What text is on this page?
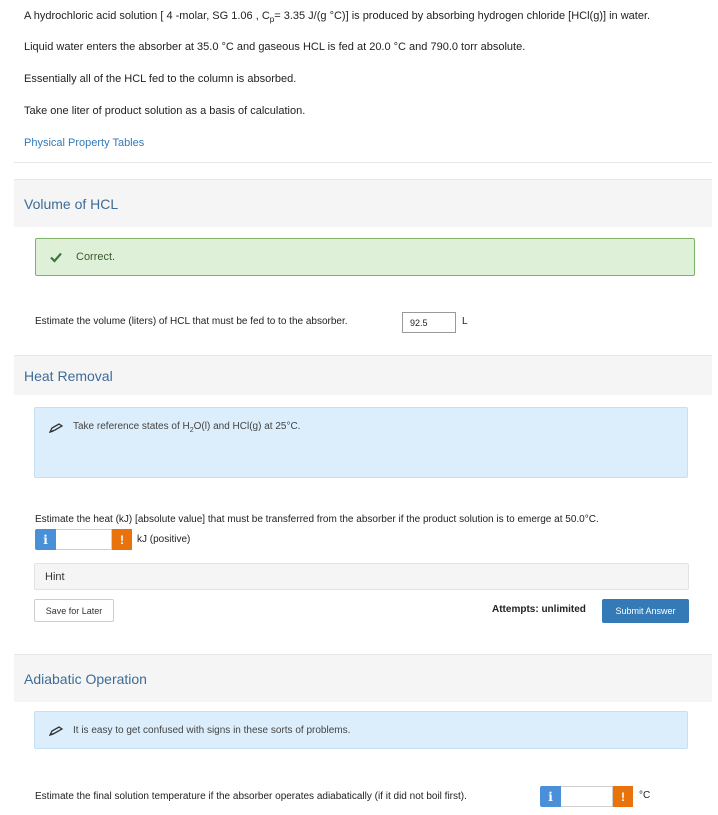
A hydrochloric acid solution [ 4 -molar, SG 1.06 , $C_p= 3.35$ J/(g °C)] is produced by absorbing hydrogen chloride [HCl(g)] in water.

Liquid water enters the absorber at 35.0 °C and gaseous HCL is fed at 20.0 °C and 790.0 torr absolute.

Essentially all of the HCL fed to the column is absorbed.

Take one liter of product solution as a basis of calculation.

Physical Property Tables
Volume of HCL
Correct.
Estimate the volume (liters) of HCL that must be fed to to the absorber.	92.5	L
Heat Removal
Take reference states of $H_2O(l)$ and HCl(g) at 25°C.
Estimate the heat (kJ) [absolute value] that must be transferred from the absorber if the product solution is to emerge at 50.0°C.
i	!	kJ (positive)
Hint
Save for Later	Attempts: unlimited	Submit Answer
Adiabatic Operation
It is easy to get confused with signs in these sorts of problems.
Estimate the final solution temperature if the absorber operates adiabatically (if it did not boil first).	i	!	°C
